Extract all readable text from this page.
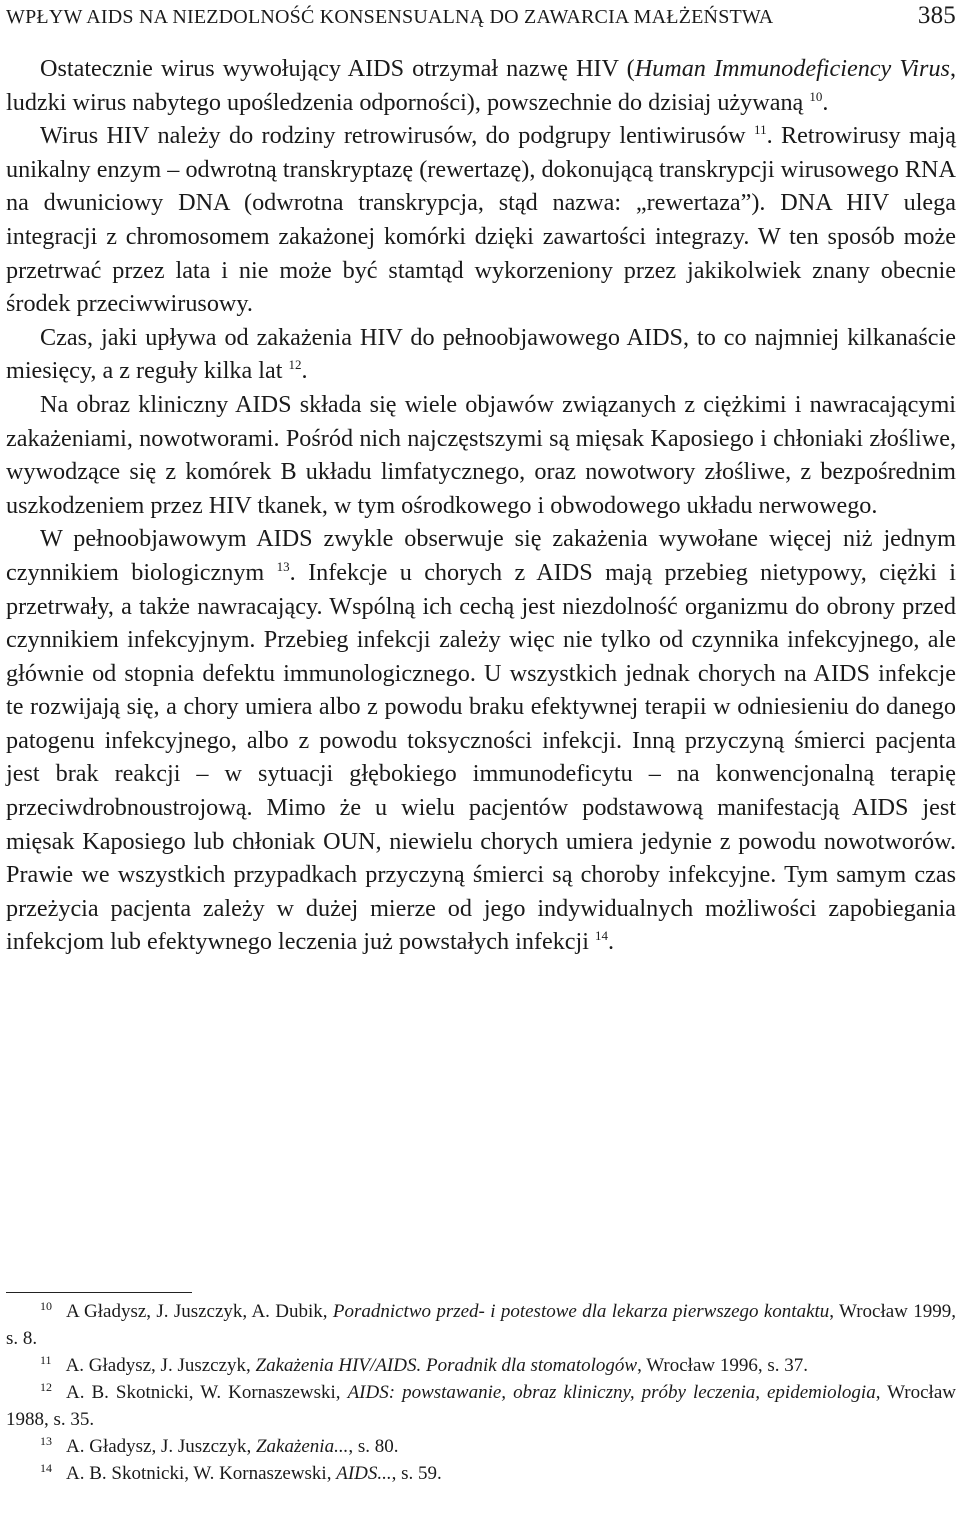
WPŁYW AIDS NA NIEZDOLNOŚĆ KONSENSUALNĄ DO ZAWARCIA MAŁŻEŃSTWA	385

Ostatecznie wirus wywołujący AIDS otrzymał nazwę HIV (Human Immunodeficiency Virus, ludzki wirus nabytego upośledzenia odporności), powszechnie do dzisiaj używaną $^{10}$.

Wirus HIV należy do rodziny retrowirusów, do podgrupy lentiwirusów $^{11}$. Retrowirusy mają unikalny enzym – odwrotną transkryptazę (rewertazę), dokonującą transkrypcji wirusowego RNA na dwuniciowy DNA (odwrotna transkrypcja, stąd nazwa: „rewertaza”). DNA HIV ulega integracji z chromosomem zakażonej komórki dzięki zawartości integrazy. W ten sposób może przetrwać przez lata i nie może być stamtąd wykorzeniony przez jakikolwiek znany obecnie środek przeciwwirusowy.

Czas, jaki upływa od zakażenia HIV do pełnoobjawowego AIDS, to co najmniej kilkanaście miesięcy, a z reguły kilka lat $^{12}$.

Na obraz kliniczny AIDS składa się wiele objawów związanych z ciężkimi i nawracającymi zakażeniami, nowotworami. Pośród nich najczęstszymi są mięsak Kaposiego i chłoniaki złośliwe, wywodzące się z komórek B układu limfatycznego, oraz nowotwory złośliwe, z bezpośrednim uszkodzeniem przez HIV tkanek, w tym ośrodkowego i obwodowego układu nerwowego.

W pełnoobjawowym AIDS zwykle obserwuje się zakażenia wywołane więcej niż jednym czynnikiem biologicznym $^{13}$. Infekcje u chorych z AIDS mają przebieg nietypowy, ciężki i przetrwały, a także nawracający. Wspólną ich cechą jest niezdolność organizmu do obrony przed czynnikiem infekcyjnym. Przebieg infekcji zależy więc nie tylko od czynnika infekcyjnego, ale głównie od stopnia defektu immunologicznego. U wszystkich jednak chorych na AIDS infekcje te rozwijają się, a chory umiera albo z powodu braku efektywnej terapii w odniesieniu do danego patogenu infekcyjnego, albo z powodu toksyczności infekcji. Inną przyczyną śmierci pacjenta jest brak reakcji – w sytuacji głębokiego immunodeficytu – na konwencjonalną terapię przeciwdrobnoustrojową. Mimo że u wielu pacjentów podstawową manifestacją AIDS jest mięsak Kaposiego lub chłoniak OUN, niewielu chorych umiera jedynie z powodu nowotworów. Prawie we wszystkich przypadkach przyczyną śmierci są choroby infekcyjne. Tym samym czas przeżycia pacjenta zależy w dużej mierze od jego indywidualnych możliwości zapobiegania infekcjom lub efektywnego leczenia już powstałych infekcji $^{14}$.

$^{10}$ A Gładysz, J. Juszczyk, A. Dubik, Poradnictwo przed- i potestowe dla lekarza pierwszego kontaktu, Wrocław 1999, s. 8.

$^{11}$ A. Gładysz, J. Juszczyk, Zakażenia HIV/AIDS. Poradnik dla stomatologów, Wrocław 1996, s. 37.

$^{12}$ A. B. Skotnicki, W. Kornaszewski, AIDS: powstawanie, obraz kliniczny, próby leczenia, epidemiologia, Wrocław 1988, s. 35.

$^{13}$ A. Gładysz, J. Juszczyk, Zakażenia..., s. 80.

$^{14}$ A. B. Skotnicki, W. Kornaszewski, AIDS..., s. 59.
